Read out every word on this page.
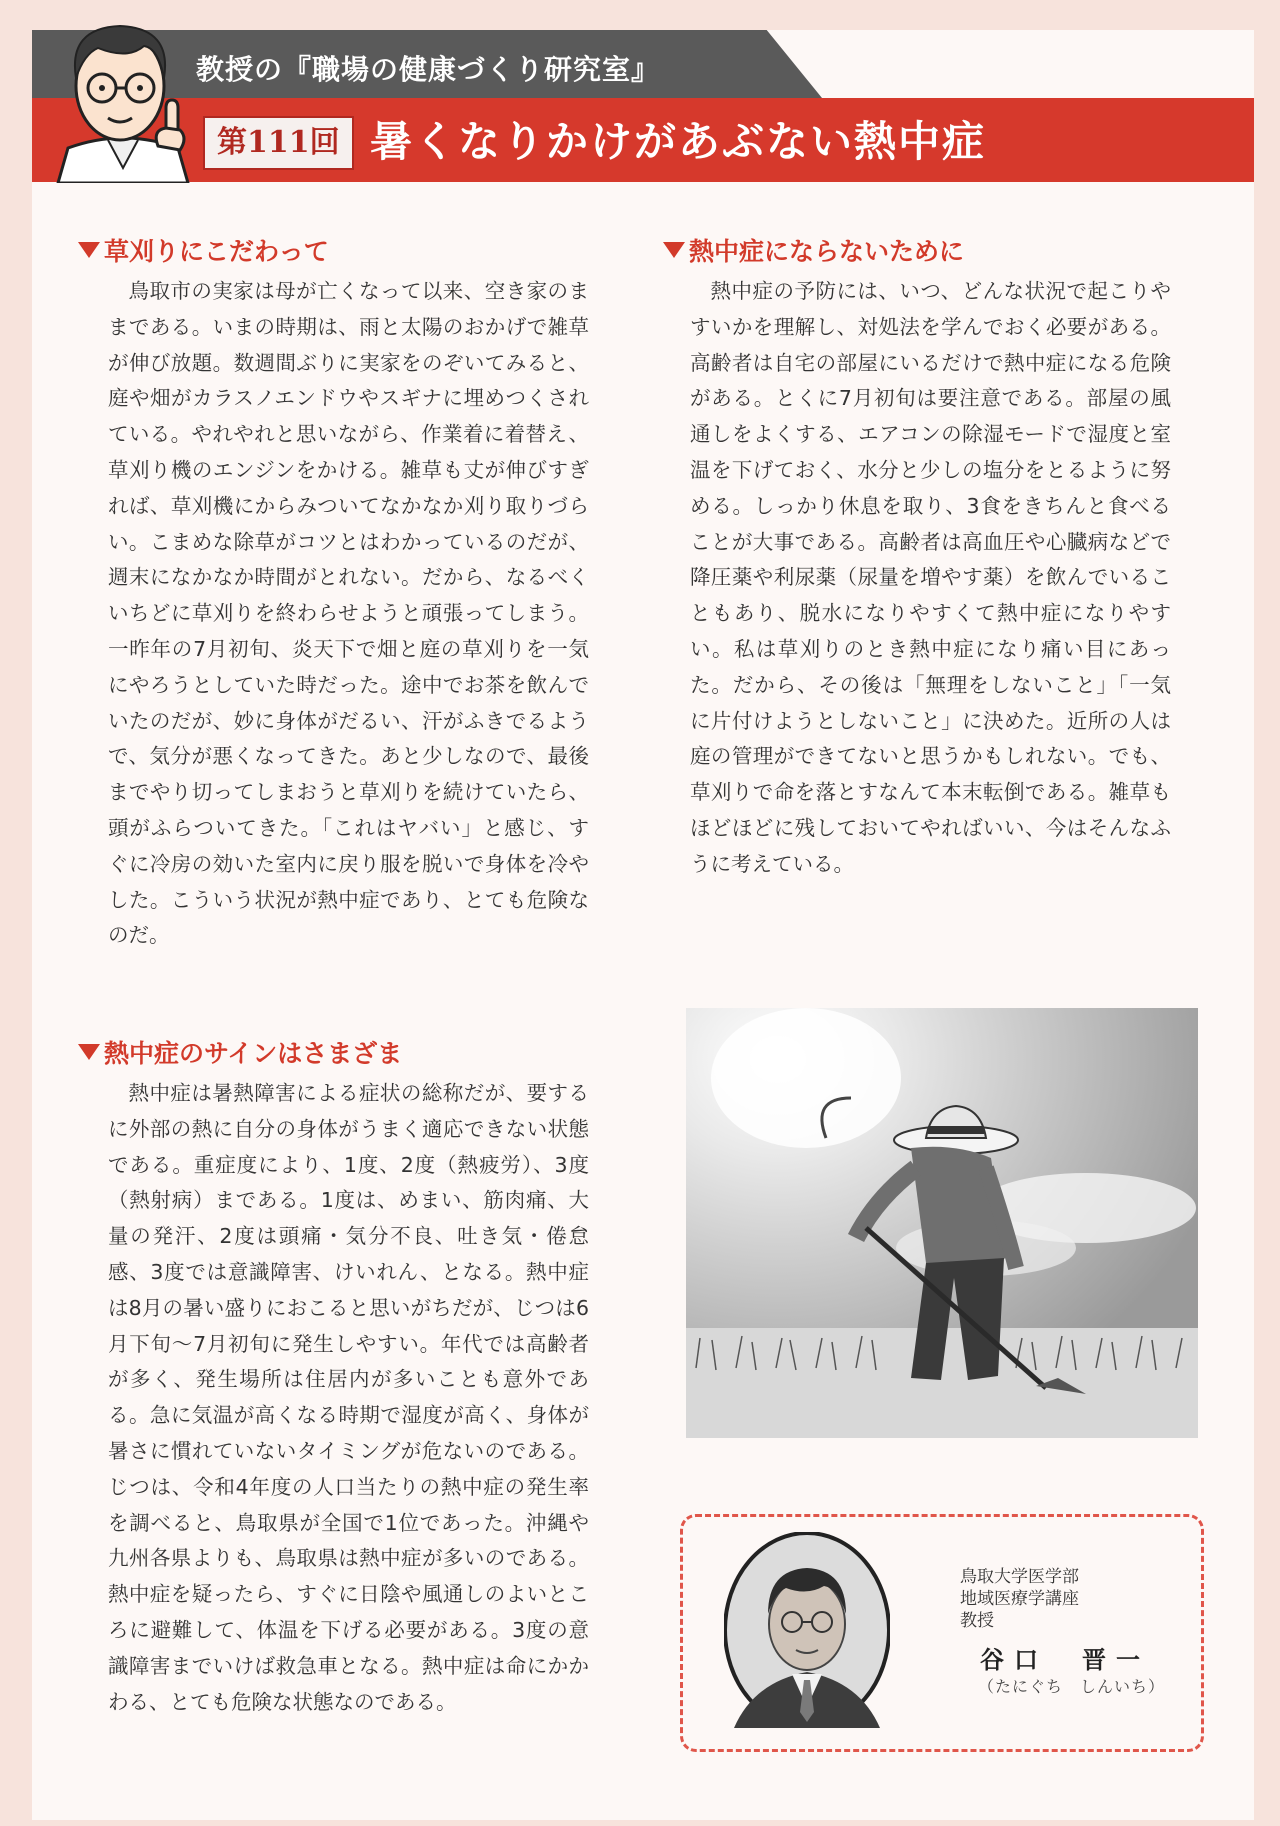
教授の『職場の健康づくり研究室』
第111回 暑くなりかけがあぶない熱中症
草刈りにこだわって
鳥取市の実家は母が亡くなって以来、空き家のままである。いまの時期は、雨と太陽のおかげで雑草が伸び放題。数週間ぶりに実家をのぞいてみると、庭や畑がカラスノエンドウやスギナに埋めつくされている。やれやれと思いながら、作業着に着替え、草刈り機のエンジンをかける。雑草も丈が伸びすぎれば、草刈機にからみついてなかなか刈り取りづらい。こまめな除草がコツとはわかっているのだが、週末になかなか時間がとれない。だから、なるべくいちどに草刈りを終わらせようと頑張ってしまう。一昨年の7月初旬、炎天下で畑と庭の草刈りを一気にやろうとしていた時だった。途中でお茶を飲んでいたのだが、妙に身体がだるい、汗がふきでるようで、気分が悪くなってきた。あと少しなので、最後までやり切ってしまおうと草刈りを続けていたら、頭がふらついてきた。「これはヤバい」と感じ、すぐに冷房の効いた室内に戻り服を脱いで身体を冷やした。こういう状況が熱中症であり、とても危険なのだ。
熱中症にならないために
熱中症の予防には、いつ、どんな状況で起こりやすいかを理解し、対処法を学んでおく必要がある。高齢者は自宅の部屋にいるだけで熱中症になる危険がある。とくに7月初旬は要注意である。部屋の風通しをよくする、エアコンの除湿モードで湿度と室温を下げておく、水分と少しの塩分をとるように努める。しっかり休息を取り、3食をきちんと食べることが大事である。高齢者は高血圧や心臓病などで降圧薬や利尿薬（尿量を増やす薬）を飲んでいることもあり、脱水になりやすくて熱中症になりやすい。私は草刈りのとき熱中症になり痛い目にあった。だから、その後は「無理をしないこと」「一気に片付けようとしないこと」に決めた。近所の人は庭の管理ができてないと思うかもしれない。でも、草刈りで命を落とすなんて本末転倒である。雑草もほどほどに残しておいてやればいい、今はそんなふうに考えている。
熱中症のサインはさまざま
熱中症は暑熱障害による症状の総称だが、要するに外部の熱に自分の身体がうまく適応できない状態である。重症度により、1度、2度（熱疲労）、3度（熱射病）まである。1度は、めまい、筋肉痛、大量の発汗、2度は頭痛・気分不良、吐き気・倦怠感、3度では意識障害、けいれん、となる。熱中症は8月の暑い盛りにおこると思いがちだが、じつは6月下旬〜7月初旬に発生しやすい。年代では高齢者が多く、発生場所は住居内が多いことも意外である。急に気温が高くなる時期で湿度が高く、身体が暑さに慣れていないタイミングが危ないのである。じつは、令和4年度の人口当たりの熱中症の発生率を調べると、鳥取県が全国で1位であった。沖縄や九州各県よりも、鳥取県は熱中症が多いのである。熱中症を疑ったら、すぐに日陰や風通しのよいところに避難して、体温を下げる必要がある。3度の意識障害までいけば救急車となる。熱中症は命にかかわる、とても危険な状態なのである。
鳥取大学医学部
地域医療学講座
教授
谷口　晋一
（たにぐち　しんいち）
